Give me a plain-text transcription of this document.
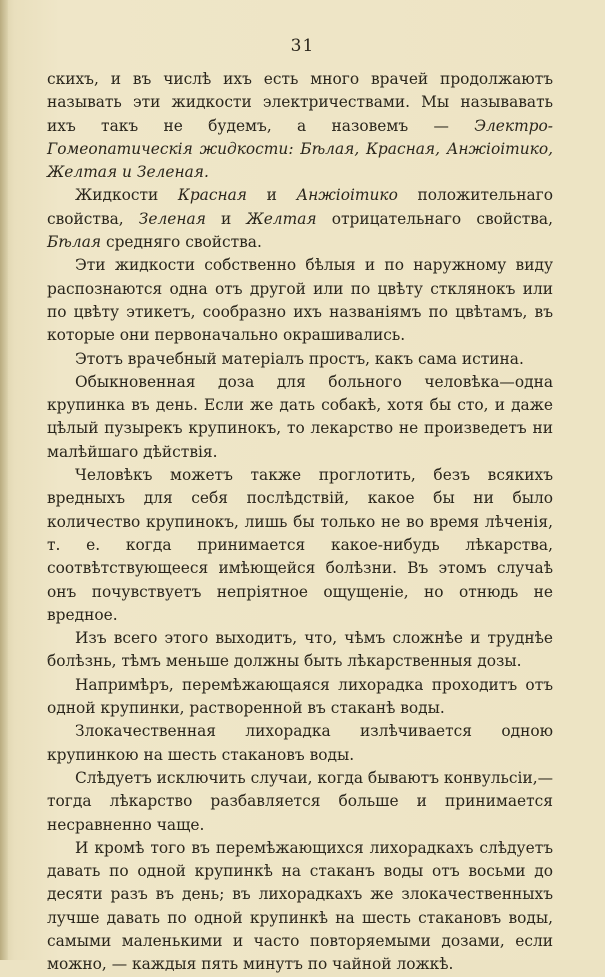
31

скихъ, и въ числѣ ихъ есть много врачей продолжаютъ называть эти жидкости электричествами. Мы называвать ихъ такъ не будемъ, а назовемъ — Электро-Гомеопатическія жидкости: Бѣлая, Красная, Анжіоітико, Желтая и Зеленая.

Жидкости Красная и Анжіоітико положительнаго свойства, Зеленая и Желтая отрицательнаго свойства, Бѣлая средняго свойства.

Эти жидкости собственно бѣлыя и по наружному виду распознаются одна отъ другой или по цвѣту стклянокъ или по цвѣту этикетъ, сообразно ихъ названіямъ по цвѣтамъ, въ которые они первоначально окрашивались.

Этотъ врачебный матеріалъ простъ, какъ сама истина.

Обыкновенная доза для больного человѣка—одна крупинка въ день. Если же дать собакѣ, хотя бы сто, и даже цѣлый пузырекъ крупинокъ, то лекарство не произведетъ ни малѣйшаго дѣйствія.

Человѣкъ можетъ также проглотить, безъ всякихъ вредныхъ для себя послѣдствій, какое бы ни было количество крупинокъ, лишь бы только не во время лѣченія, т. е. когда принимается какое-нибудь лѣкарства, соотвѣтствующееся имѣющейся болѣзни. Въ этомъ случаѣ онъ почувствуетъ непріятное ощущеніе, но отнюдь не вредное.

Изъ всего этого выходитъ, что, чѣмъ сложнѣе и труднѣе болѣзнь, тѣмъ меньше должны быть лѣкарственныя дозы.

Напримѣръ, перемѣжающаяся лихорадка проходитъ отъ одной крупинки, растворенной въ стаканѣ воды.

Злокачественная лихорадка излѣчивается одною крупинкою на шесть стакановъ воды.

Слѣдуетъ исключить случаи, когда бываютъ конвульсіи,— тогда лѣкарство разбавляется больше и принимается несравненно чаще.

И кромѣ того въ перемѣжающихся лихорадкахъ слѣдуетъ давать по одной крупинкѣ на стаканъ воды отъ восьми до десяти разъ въ день; въ лихорадкахъ же злокачественныхъ лучше давать по одной крупинкѣ на шесть стакановъ воды, самыми маленькими и часто повторяемыми дозами, если можно, — каждыя пять минутъ по чайной ложкѣ.
